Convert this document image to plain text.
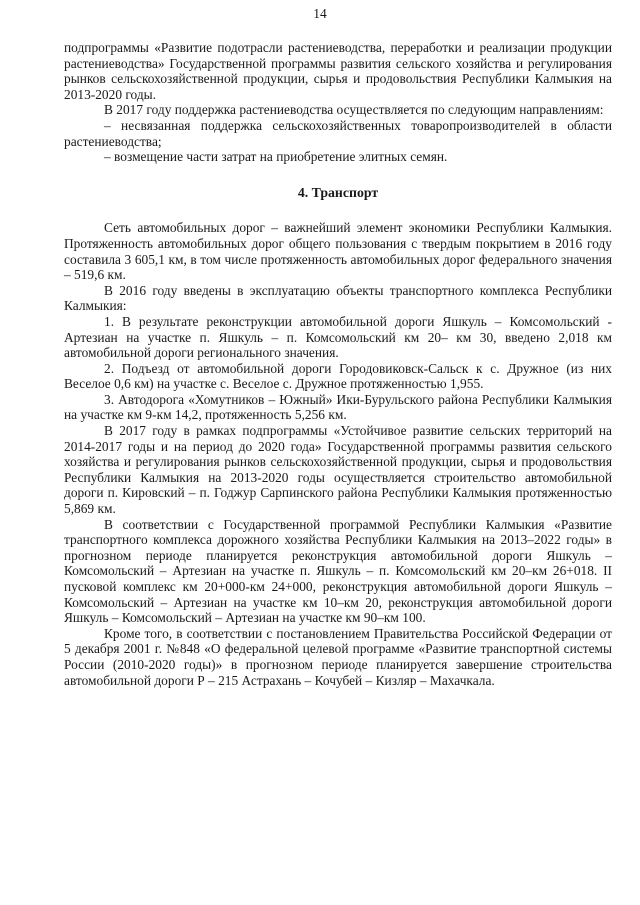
14

подпрограммы «Развитие подотрасли растениеводства, переработки и реализации продукции растениеводства» Государственной программы развития сельского хозяйства и регулирования рынков сельскохозяйственной продукции, сырья и продовольствия Республики Калмыкия на 2013-2020 годы.

В 2017 году поддержка растениеводства осуществляется по следующим направлениям:

– несвязанная поддержка сельскохозяйственных товаропроизводителей в области растениеводства;

– возмещение части затрат на приобретение элитных семян.

4. Транспорт

Сеть автомобильных дорог – важнейший элемент экономики Республики Калмыкия. Протяженность автомобильных дорог общего пользования с твердым покрытием в 2016 году составила 3 605,1 км, в том числе протяженность автомобильных дорог федерального значения – 519,6 км.

В 2016 году введены в эксплуатацию объекты транспортного комплекса Республики Калмыкия:

1. В результате реконструкции автомобильной дороги Яшкуль – Комсомольский - Артезиан на участке п. Яшкуль – п. Комсомольский км 20– км 30, введено 2,018 км автомобильной дороги регионального значения.

2. Подъезд от автомобильной дороги Городовиковск-Сальск к с. Дружное (из них Веселое 0,6 км) на участке с. Веселое с. Дружное протяженностью 1,955.

3. Автодорога «Хомутников – Южный» Ики-Бурульского района Республики Калмыкия на участке км 9-км 14,2, протяженность 5,256 км.

В 2017 году в рамках подпрограммы «Устойчивое развитие сельских территорий на 2014-2017 годы и на период до 2020 года» Государственной программы развития сельского хозяйства и регулирования рынков сельскохозяйственной продукции, сырья и продовольствия Республики Калмыкия на 2013-2020 годы осуществляется строительство автомобильной дороги п. Кировский – п. Годжур Сарпинского района Республики Калмыкия протяженностью 5,869 км.

В соответствии с Государственной программой Республики Калмыкия «Развитие транспортного комплекса дорожного хозяйства Республики Калмыкия на 2013–2022 годы» в прогнозном периоде планируется реконструкция автомобильной дороги Яшкуль – Комсомольский – Артезиан на участке п. Яшкуль – п. Комсомольский км 20–км 26+018. II пусковой комплекс км 20+000-км 24+000, реконструкция автомобильной дороги Яшкуль – Комсомольский – Артезиан на участке км 10–км 20, реконструкция автомобильной дороги Яшкуль – Комсомольский – Артезиан на участке км 90–км 100.

Кроме того, в соответствии с постановлением Правительства Российской Федерации от 5 декабря 2001 г. №848 «О федеральной целевой программе «Развитие транспортной системы России (2010-2020 годы)» в прогнозном периоде планируется завершение строительства автомобильной дороги Р – 215 Астрахань – Кочубей – Кизляр – Махачкала.
